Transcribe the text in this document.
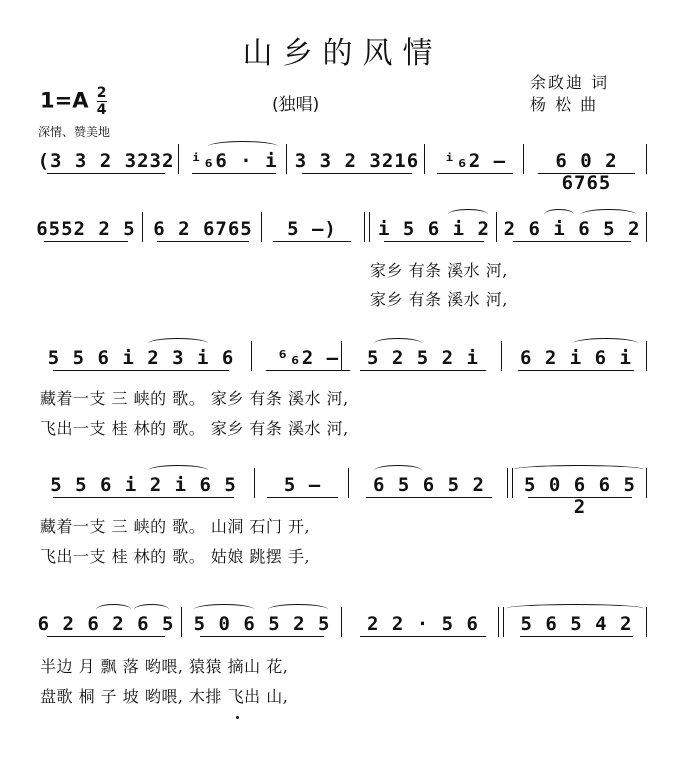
山乡的风情
$1=A \frac{2}{4}$	(独唱)
余政迪 词
杨 松 曲
深情、赞美地
(3 3 2 3232 ⁱ₆6 · i 3 3 2 3216	ⁱ₆2 —	6 0 2 6765
6552 2 5 6 2 6765	5 —)	i 5 6 i 2 2 6 i 6 5 2
家乡 有条 溪水 河,
家乡 有条 溪水 河,
5 5 6 i 2 3 i 6	⁶₆2 —	5 2 5 2 i	6 2 i 6 i
藏着一支 三 峡的 歌。 家乡 有条 溪水 河,
飞出一支 桂 林的 歌。 家乡 有条 溪水 河,
5 5 6 i 2 i 6 5	5 —	6 5 6 5 2	5 0 6 6 5 2
藏着一支 三 峡的 歌。 山洞 石门 开,
飞出一支 桂 林的 歌。 姑娘 跳摆 手,
6 2 6 2 6 5 5 0 6 5 2 5	2 2 · 5 6	5 6 5 4 2
半边 月 飘 落 哟喂, 猿猿 摘山 花,
盘歌 桐 子 坡 哟喂, 木排 飞出 山,
